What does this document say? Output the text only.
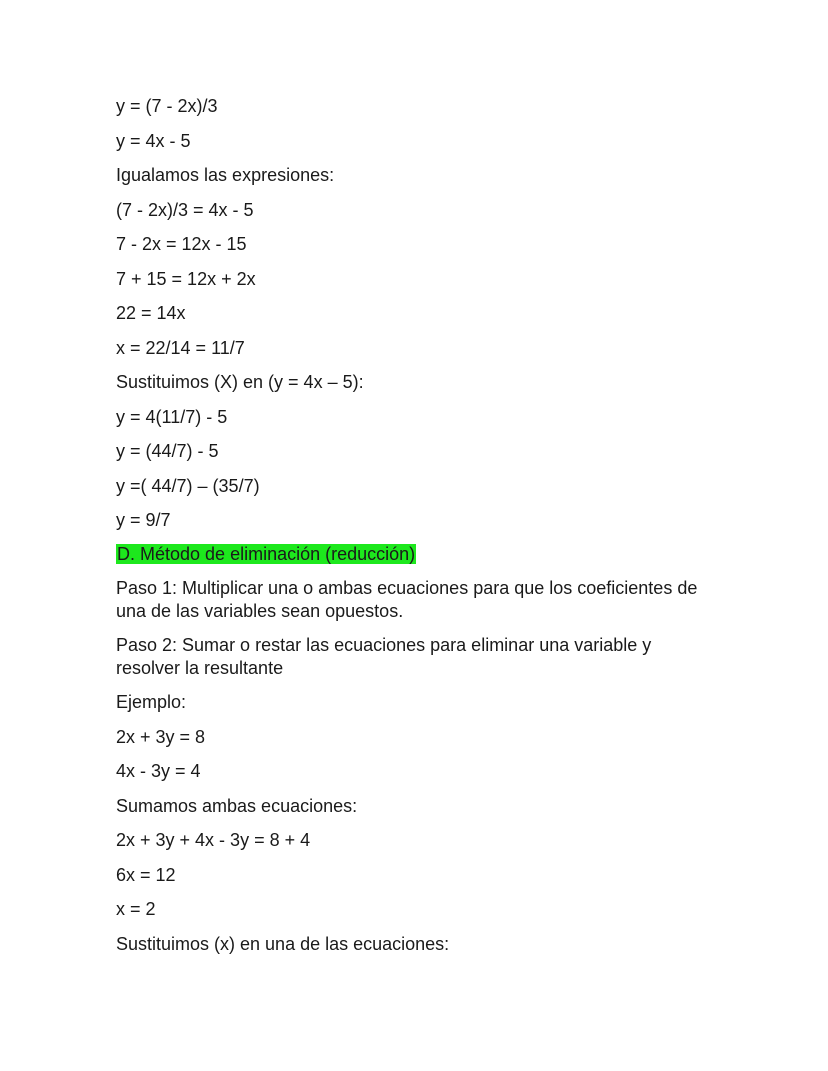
y = (7 - 2x)/3
y = 4x - 5
Igualamos las expresiones:
(7 - 2x)/3 = 4x - 5
7 - 2x = 12x - 15
7 + 15 = 12x + 2x
22 = 14x
x = 22/14 = 11/7
Sustituimos (X) en (y = 4x – 5):
y = 4(11/7) - 5
y = (44/7) - 5
y =( 44/7) – (35/7)
y = 9/7
D. Método de eliminación (reducción)
Paso 1: Multiplicar una o ambas ecuaciones para que los coeficientes de una de las variables sean opuestos.
Paso 2: Sumar o restar las ecuaciones para eliminar una variable y resolver la resultante
Ejemplo:
2x + 3y = 8
4x - 3y = 4
Sumamos ambas ecuaciones:
2x + 3y + 4x - 3y = 8 + 4
6x = 12
x = 2
Sustituimos (x) en una de las ecuaciones:
